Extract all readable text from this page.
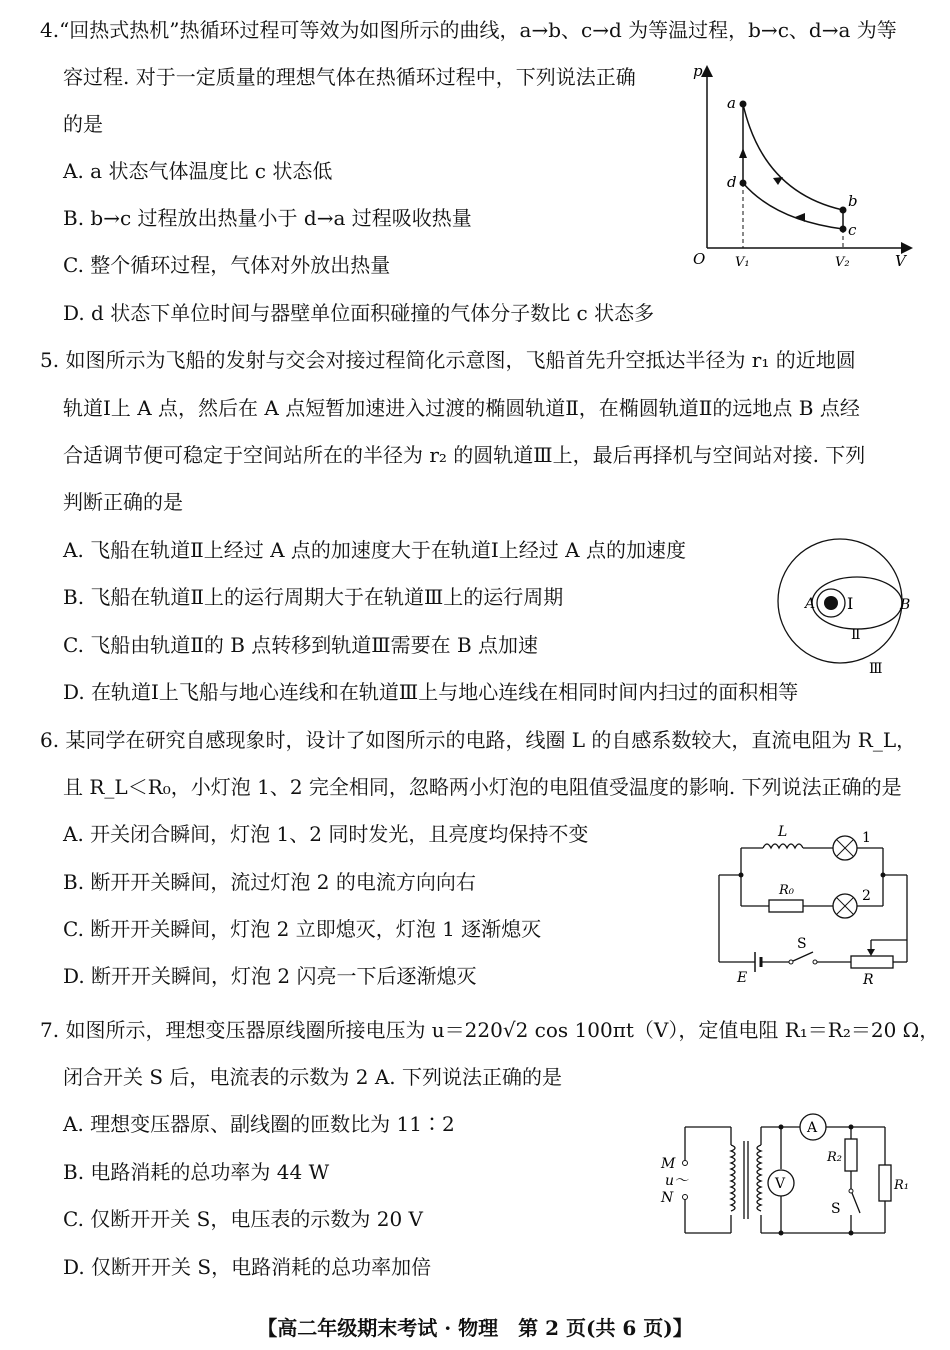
4.“回热式热机”热循环过程可等效为如图所示的曲线，a→b、c→d 为等温过程，b→c、d→a 为等
容过程. 对于一定质量的理想气体在热循环过程中，下列说法正确
的是
A. a 状态气体温度比 c 状态低
B. b→c 过程放出热量小于 d→a 过程吸收热量
C. 整个循环过程，气体对外放出热量
D. d 状态下单位时间与器壁单位面积碰撞的气体分子数比 c 状态多
p
V
O V₁	V₂
a
d
b
c
5. 如图所示为飞船的发射与交会对接过程简化示意图，飞船首先升空抵达半径为 r₁ 的近地圆
轨道Ⅰ上 A 点，然后在 A 点短暂加速进入过渡的椭圆轨道Ⅱ，在椭圆轨道Ⅱ的远地点 B 点经
合适调节便可稳定于空间站所在的半径为 r₂ 的圆轨道Ⅲ上，最后再择机与空间站对接. 下列
判断正确的是
A. 飞船在轨道Ⅱ上经过 A 点的加速度大于在轨道Ⅰ上经过 A 点的加速度
B. 飞船在轨道Ⅱ上的运行周期大于在轨道Ⅲ上的运行周期
C. 飞船由轨道Ⅱ的 B 点转移到轨道Ⅲ需要在 B 点加速
D. 在轨道Ⅰ上飞船与地心连线和在轨道Ⅲ上与地心连线在相同时间内扫过的面积相等
A	B
Ⅰ
Ⅱ
Ⅲ
6. 某同学在研究自感现象时，设计了如图所示的电路，线圈 L 的自感系数较大，直流电阻为 R_L，
且 R_L＜R₀，小灯泡 1、2 完全相同，忽略两小灯泡的电阻值受温度的影响. 下列说法正确的是
A. 开关闭合瞬间，灯泡 1、2 同时发光，且亮度均保持不变
B. 断开开关瞬间，流过灯泡 2 的电流方向向右
C. 断开开关瞬间，灯泡 2 立即熄灭，灯泡 1 逐渐熄灭
D. 断开开关瞬间，灯泡 2 闪亮一下后逐渐熄灭
L	1
R₀	2
S
E	R
7. 如图所示，理想变压器原线圈所接电压为 u＝220√2 cos 100πt（V），定值电阻 R₁＝R₂＝20 Ω，
闭合开关 S 后，电流表的示数为 2 A. 下列说法正确的是
A. 理想变压器原、副线圈的匝数比为 11∶2
B. 电路消耗的总功率为 44 W
C. 仅断开开关 S，电压表的示数为 20 V
D. 仅断开开关 S，电路消耗的总功率加倍
M
u～
N
A
V
R₂
S
R₁
【高二年级期末考试 · 物理　第 2 页(共 6 页)】
